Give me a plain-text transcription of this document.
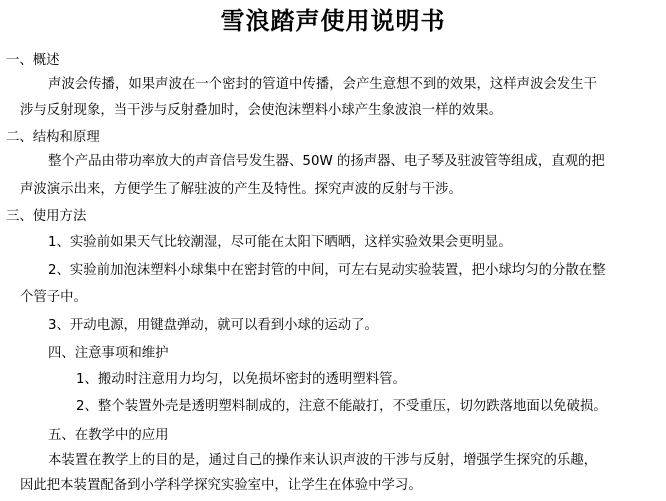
雪浪踏声使用说明书
一、概述
声波会传播，如果声波在一个密封的管道中传播，会产生意想不到的效果，这样声波会发生干
涉与反射现象，当干涉与反射叠加时，会使泡沫塑料小球产生象波浪一样的效果。
二、结构和原理
整个产品由带功率放大的声音信号发生器、50W 的扬声器、电子琴及驻波管等组成，直观的把
声波演示出来，方便学生了解驻波的产生及特性。探究声波的反射与干涉。
三、使用方法
1、实验前如果天气比较潮湿，尽可能在太阳下晒晒，这样实验效果会更明显。
2、实验前加泡沫塑料小球集中在密封管的中间，可左右晃动实验装置，把小球均匀的分散在整
个管子中。
3、开动电源，用键盘弹动，就可以看到小球的运动了。
四、注意事项和维护
1、搬动时注意用力均匀，以免损坏密封的透明塑料管。
2、整个装置外壳是透明塑料制成的，注意不能敲打，不受重压，切勿跌落地面以免破损。
五、在教学中的应用
本装置在教学上的目的是，通过自己的操作来认识声波的干涉与反射，增强学生探究的乐趣，
因此把本装置配备到小学科学探究实验室中，让学生在体验中学习。
